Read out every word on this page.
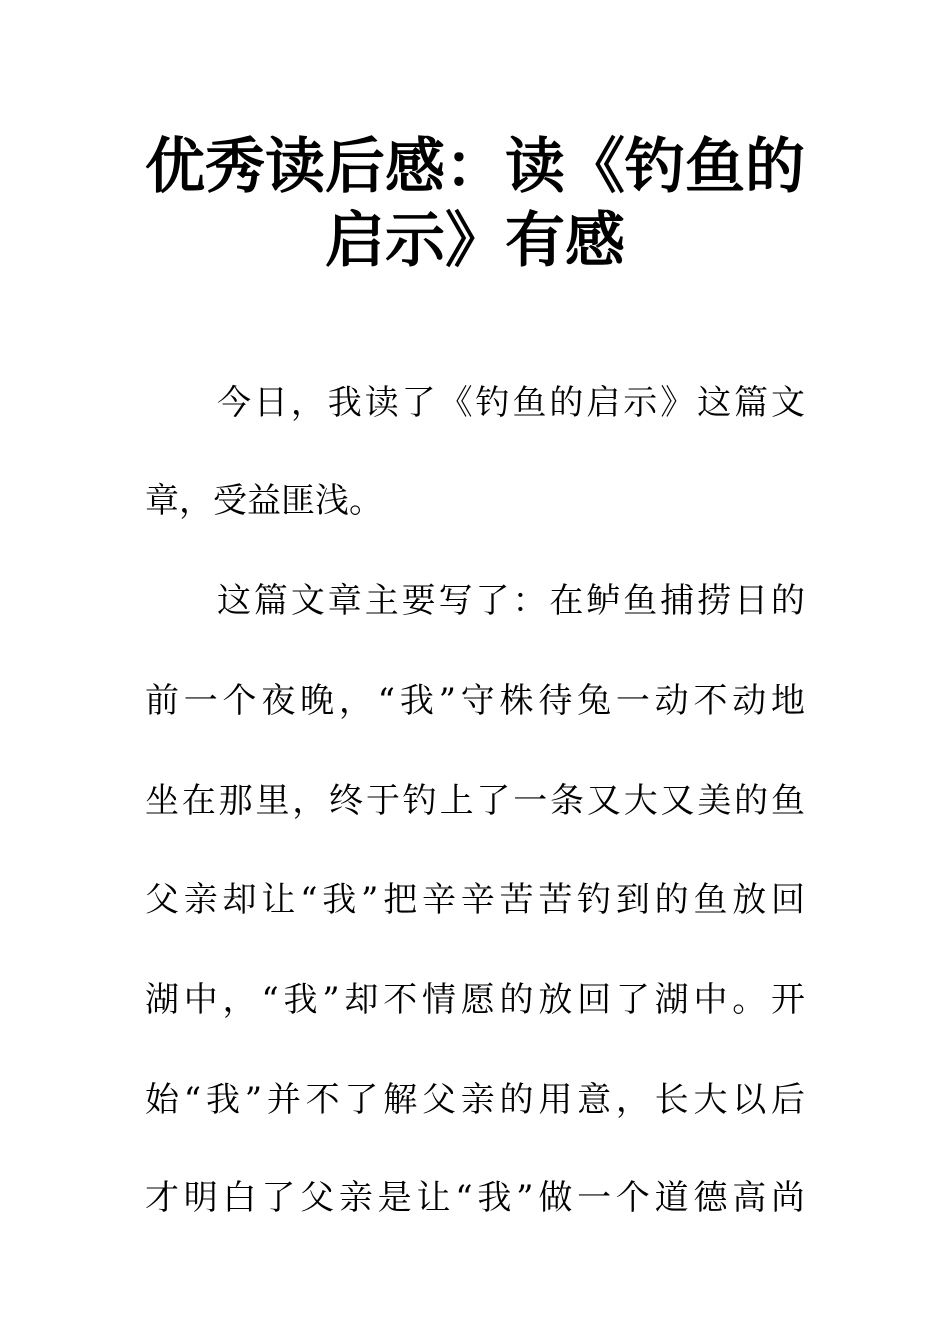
优秀读后感：读《钓鱼的
启示》有感

今日，我读了《钓鱼的启示》这篇文

章，受益匪浅。

这篇文章主要写了：在鲈鱼捕捞日的

前一个夜晚，“我”守株待兔一动不动地

坐在那里，终于钓上了一条又大又美的鱼

父亲却让“我”把辛辛苦苦钓到的鱼放回

湖中，“我”却不情愿的放回了湖中。开

始“我”并不了解父亲的用意，长大以后

才明白了父亲是让“我”做一个道德高尚
